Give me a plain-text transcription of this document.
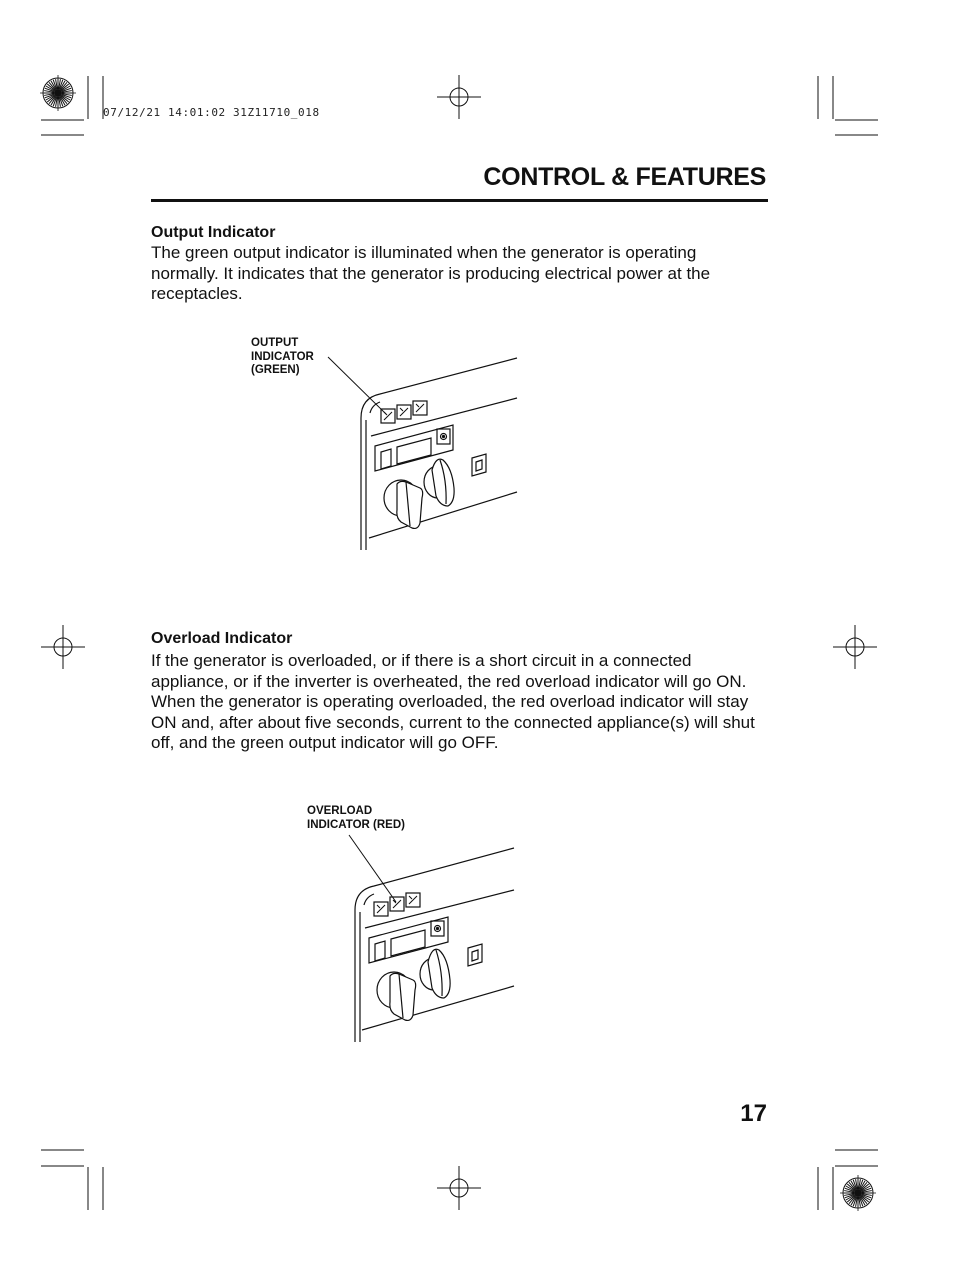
07/12/21 14:01:02 31Z11710_018
CONTROL & FEATURES
Output Indicator
The green output indicator is illuminated when the generator is operating normally. It indicates that the generator is producing electrical power at the receptacles.
OUTPUT
INDICATOR
(GREEN)
Overload Indicator
If the generator is overloaded, or if there is a short circuit in a connected appliance, or if the inverter is overheated, the red overload indicator will go ON. When the generator is operating overloaded, the red overload indicator will stay ON and, after about five seconds, current to the connected appliance(s) will shut off, and the green output indicator will go OFF.
OVERLOAD
INDICATOR (RED)
17
